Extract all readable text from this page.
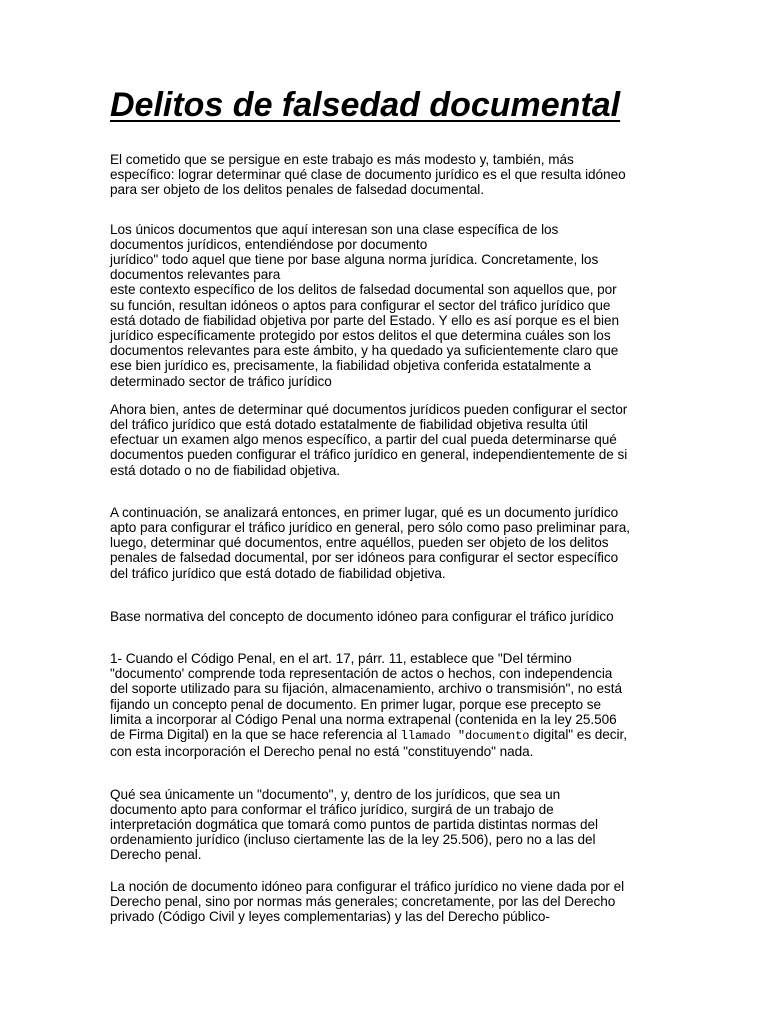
Delitos de falsedad documental

El cometido que se persigue en este trabajo es más modesto y, también, más
específico: lograr determinar qué clase de documento jurídico es el que resulta idóneo
para ser objeto de los delitos penales de falsedad documental.

Los únicos documentos que aquí interesan son una clase específica de los
documentos jurídicos, entendiéndose por documento
jurídico" todo aquel que tiene por base alguna norma jurídica. Concretamente, los
documentos relevantes para
este contexto específico de los delitos de falsedad documental son aquellos que, por
su función, resultan idóneos o aptos para configurar el sector del tráfico jurídico que
está dotado de fiabilidad objetiva por parte del Estado. Y ello es así porque es el bien
jurídico específicamente protegido por estos delitos el que determina cuáles son los
documentos relevantes para este ámbito, y ha quedado ya suficientemente claro que
ese bien jurídico es, precisamente, la fiabilidad objetiva conferida estatalmente a
determinado sector de tráfico jurídico

Ahora bien, antes de determinar qué documentos jurídicos pueden configurar el sector
del tráfico jurídico que está dotado estatalmente de fiabilidad objetiva resulta útil
efectuar un examen algo menos específico, a partir del cual pueda determinarse qué
documentos pueden configurar el tráfico jurídico en general, independientemente de si
está dotado o no de fiabilidad objetiva.

A continuación, se analizará entonces, en primer lugar, qué es un documento jurídico
apto para configurar el tráfico jurídico en general, pero sólo como paso preliminar para,
luego, determinar qué documentos, entre aquéllos, pueden ser objeto de los delitos
penales de falsedad documental, por ser idóneos para configurar el sector específico
del tráfico jurídico que está dotado de fiabilidad objetiva.

Base normativa del concepto de documento idóneo para configurar el tráfico jurídico

1- Cuando el Código Penal, en el art. 17, párr. 11, establece que "Del término
"documento' comprende toda representación de actos o hechos, con independencia
del soporte utilizado para su fijación, almacenamiento, archivo o transmisión", no está
fijando un concepto penal de documento. En primer lugar, porque ese precepto se
limita a incorporar al Código Penal una norma extrapenal (contenida en la ley 25.506
de Firma Digital) en la que se hace referencia al llamado "documento digital" es decir,
con esta incorporación el Derecho penal no está "constituyendo" nada.

Qué sea únicamente un "documento", y, dentro de los jurídicos, que sea un
documento apto para conformar el tráfico jurídico, surgirá de un trabajo de
interpretación dogmática que tomará como puntos de partida distintas normas del
ordenamiento jurídico (incluso ciertamente las de la ley 25.506), pero no a las del
Derecho penal.

La noción de documento idóneo para configurar el tráfico jurídico no viene dada por el
Derecho penal, sino por normas más generales; concretamente, por las del Derecho
privado (Código Civil y leyes complementarias) y las del Derecho público-
